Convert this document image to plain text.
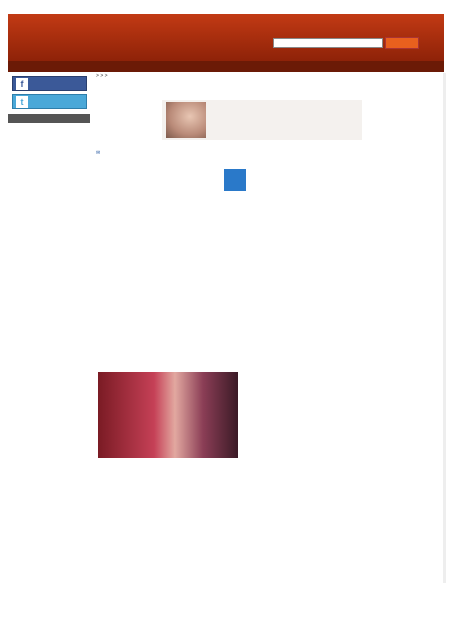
f
t
> > >
✉
